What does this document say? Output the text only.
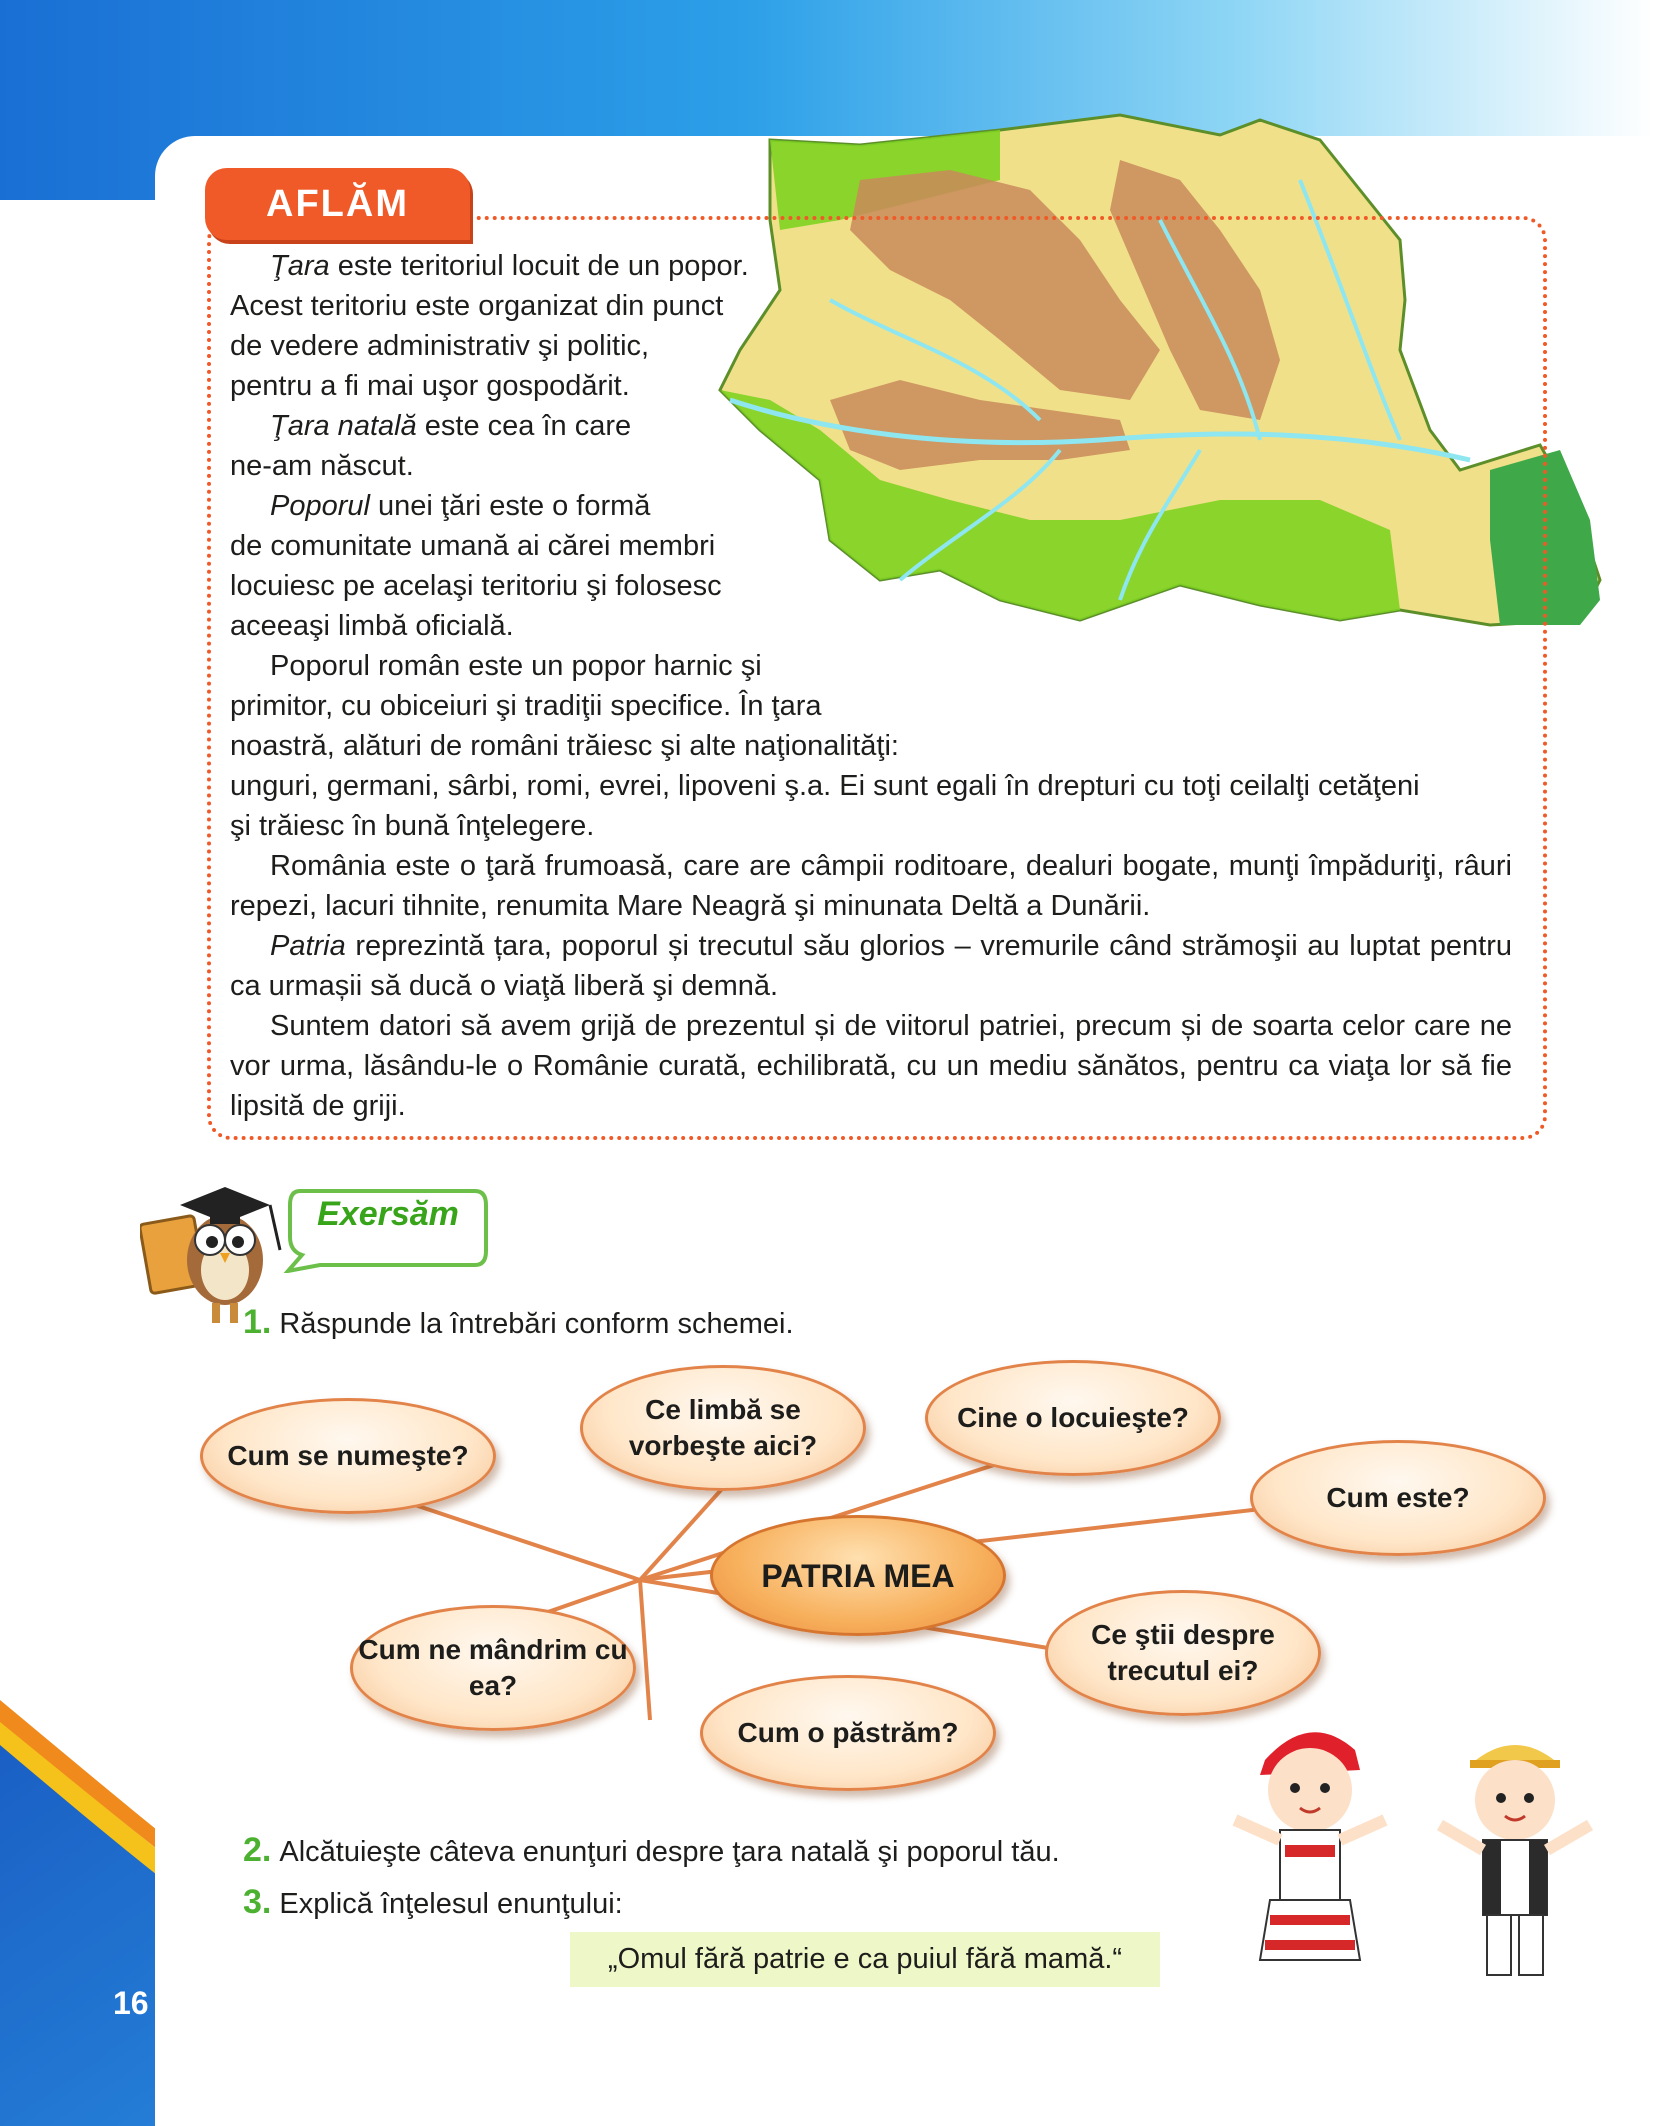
AFLĂM

Ţara este teritoriul locuit de un popor.

Acest teritoriu este organizat din punct

de vedere administrativ şi politic,

pentru a fi mai uşor gospodărit.

Ţara natală este cea în care

ne-am născut.

Poporul unei ţări este o formă

de comunitate umană ai cărei membri

locuiesc pe acelaşi teritoriu şi folosesc

aceeaşi limbă oficială.

Poporul român este un popor harnic şi

primitor, cu obiceiuri şi tradiţii specifice. În ţara

noastră, alături de români trăiesc şi alte naţionalităţi:

unguri, germani, sârbi, romi, evrei, lipoveni ş.a. Ei sunt egali în drepturi cu toţi ceilalţi cetăţeni

şi trăiesc în bună înţelegere.

România este o ţară frumoasă, care are câmpii roditoare, dealuri bogate, munţi împăduriţi, râuri repezi, lacuri tihnite, renumita Mare Neagră şi minunata Deltă a Dunării.

Patria reprezintă țara, poporul și trecutul său glorios – vremurile când strămoşii au luptat pentru ca urmașii să ducă o viaţă liberă şi demnă.

Suntem datori să avem grijă de prezentul și de viitorul patriei, precum și de soarta celor care ne vor urma, lăsându-le o Românie curată, echilibrată, cu un mediu sănătos, pentru ca viaţa lor să fie lipsită de griji.

Exersăm
1. Răspunde la întrebări conform schemei.
Cum se numeşte?
Ce limbă se vorbeşte aici?
Cine o locuieşte?
Cum este?
PATRIA MEA
Cum ne mândrim cu ea?
Ce ştii despre trecutul ei?
Cum o păstrăm?
2. Alcătuieşte câteva enunţuri despre ţara natală şi poporul tău.
3. Explică înţelesul enunţului:
„Omul fără patrie e ca puiul fără mamă.“
16
